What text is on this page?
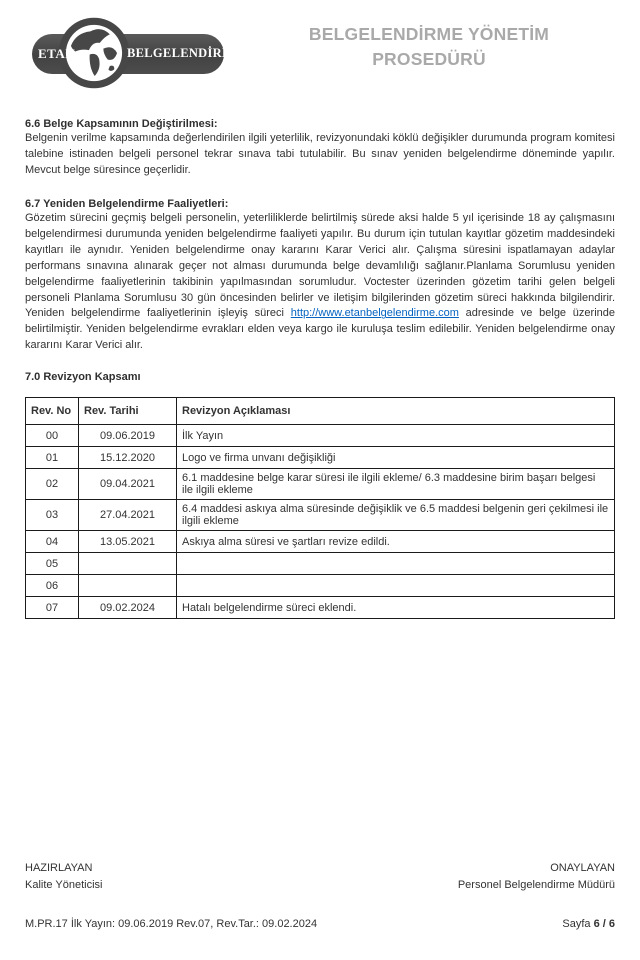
ETAN	BELGELENDİRME
BELGELENDİRME YÖNETİM
PROSEDÜRÜ
6.6 Belge Kapsamının Değiştirilmesi:
Belgenin verilme kapsamında değerlendirilen ilgili yeterlilik, revizyonundaki köklü değişikler durumunda program komitesi talebine istinaden belgeli personel tekrar sınava tabi tutulabilir. Bu sınav yeniden belgelendirme döneminde yapılır. Mevcut belge süresince geçerlidir.
6.7 Yeniden Belgelendirme Faaliyetleri:
Gözetim sürecini geçmiş belgeli personelin, yeterliliklerde belirtilmiş sürede aksi halde 5 yıl içerisinde 18 ay çalışmasını belgelendirmesi durumunda yeniden belgelendirme faaliyeti yapılır. Bu durum için tutulan kayıtlar gözetim maddesindeki kayıtları ile aynıdır. Yeniden belgelendirme onay kararını Karar Verici alır. Çalışma süresini ispatlamayan adaylar performans sınavına alınarak geçer not alması durumunda belge devamlılığı sağlanır.Planlama Sorumlusu yeniden belgelendirme faaliyetlerinin takibinin yapılmasından sorumludur. Voctester üzerinden gözetim tarihi gelen belgeli personeli Planlama Sorumlusu 30 gün öncesinden belirler ve iletişim bilgilerinden gözetim süreci hakkında bilgilendirir. Yeniden belgelendirme faaliyetlerinin işleyiş süreci http://www.etanbelgelendirme.com adresinde ve belge üzerinde belirtilmiştir. Yeniden belgelendirme evrakları elden veya kargo ile kuruluşa teslim edilebilir. Yeniden belgelendirme onay kararını Karar Verici alır.
7.0 Revizyon Kapsamı
Rev. No	Rev. Tarihi	Revizyon Açıklaması
00	09.06.2019	İlk Yayın
01	15.12.2020	Logo ve firma unvanı değişikliği
02	09.04.2021	6.1 maddesine belge karar süresi ile ilgili ekleme/ 6.3 maddesine birim başarı belgesi ile ilgili ekleme
03	27.04.2021	6.4 maddesi askıya alma süresinde değişiklik ve 6.5 maddesi belgenin geri çekilmesi ile ilgili ekleme
04	13.05.2021	Askıya alma süresi ve şartları revize edildi.
05		
06		
07	09.02.2024	Hatalı belgelendirme süreci eklendi.
HAZIRLAYAN
Kalite Yöneticisi
ONAYLAYAN
Personel Belgelendirme Müdürü
M.PR.17 İlk Yayın: 09.06.2019 Rev.07, Rev.Tar.: 09.02.2024	Sayfa 6 / 6
